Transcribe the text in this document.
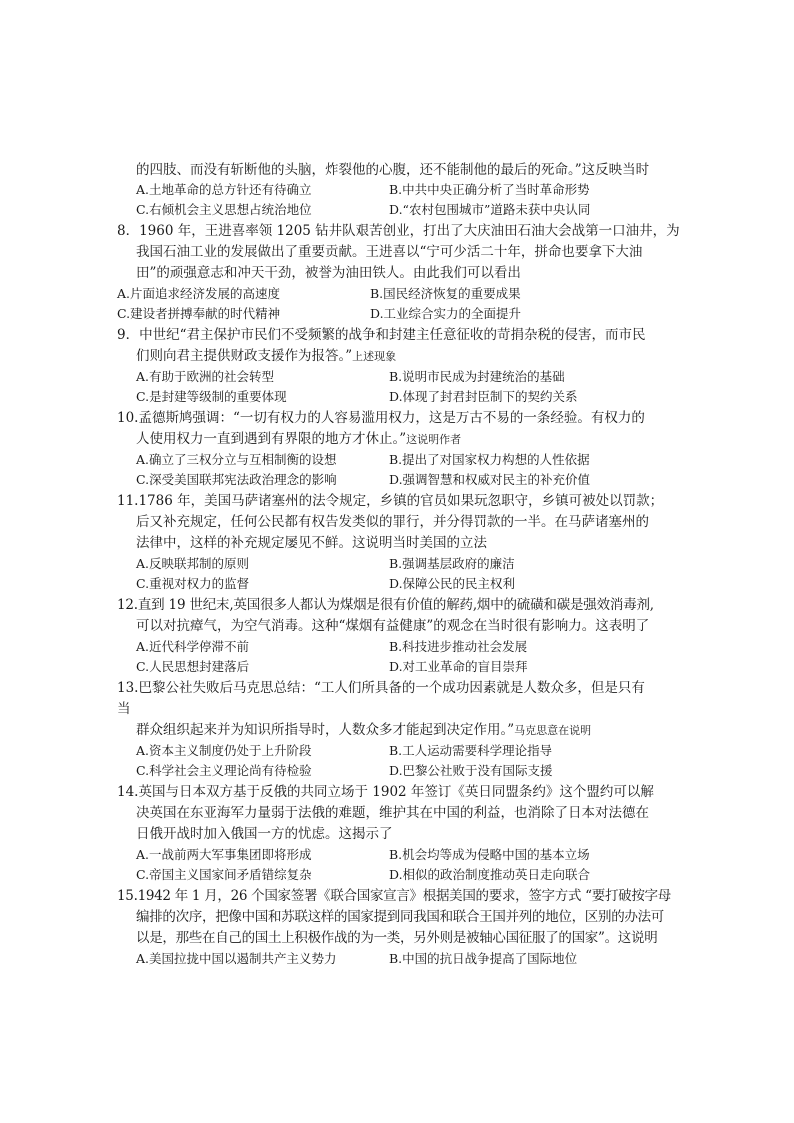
的四肢、而没有斩断他的头脑，炸裂他的心腹，还不能制他的最后的死命。”这反映当时
A.土地革命的总方针还有待确立	B.中共中央正确分析了当时革命形势
C.右倾机会主义思想占统治地位	D.“农村包围城市”道路未获中央认同
8．1960 年，王进喜率领 1205 钻井队艰苦创业，打出了大庆油田石油大会战第一口油井，为
我国石油工业的发展做出了重要贡献。王进喜以“宁可少活二十年，拼命也要拿下大油
田”的顽强意志和冲天干劲，被誉为油田铁人。由此我们可以看出
A.片面追求经济发展的高速度	B.国民经济恢复的重要成果
C.建设者拼搏奉献的时代精神	D.工业综合实力的全面提升
9．中世纪“君主保护市民们不受频繁的战争和封建主任意征收的苛捐杂税的侵害，而市民
们则向君主提供财政支援作为报答。”上述现象
A.有助于欧洲的社会转型	B.说明市民成为封建统治的基础
C.是封建等级制的重要体现	D.体现了封君封臣制下的契约关系
10.孟德斯鸠强调：“一切有权力的人容易滥用权力，这是万古不易的一条经验。有权力的
人使用权力一直到遇到有界限的地方才休止。”这说明作者
A.确立了三权分立与互相制衡的设想	B.提出了对国家权力构想的人性依据
C.深受美国联邦宪法政治理念的影响	D.强调智慧和权威对民主的补充价值
11.1786 年，美国马萨诸塞州的法令规定，乡镇的官员如果玩忽职守，乡镇可被处以罚款；
后又补充规定，任何公民都有权告发类似的罪行，并分得罚款的一半。在马萨诸塞州的
法律中，这样的补充规定屡见不鲜。这说明当时美国的立法
A.反映联邦制的原则	B.强调基层政府的廉洁
C.重视对权力的监督	D.保障公民的民主权利
12.直到 19 世纪末,英国很多人都认为煤烟是很有价值的解药,烟中的硫磺和碳是强效消毒剂,
可以对抗瘴气，为空气消毒。这种“煤烟有益健康”的观念在当时很有影响力。这表明了
A.近代科学停滞不前	B.科技进步推动社会发展
C.人民思想封建落后	D.对工业革命的盲目崇拜
13.巴黎公社失败后马克思总结：“工人们所具备的一个成功因素就是人数众多，但是只有
当
群众组织起来并为知识所指导时，人数众多才能起到决定作用。”马克思意在说明
A.资本主义制度仍处于上升阶段	B.工人运动需要科学理论指导
C.科学社会主义理论尚有待检验	D.巴黎公社败于没有国际支援
14.英国与日本双方基于反俄的共同立场于 1902 年签订《英日同盟条约》这个盟约可以解
决英国在东亚海军力量弱于法俄的难题，维护其在中国的利益，也消除了日本对法德在
日俄开战时加入俄国一方的忧虑。这揭示了
A.一战前两大军事集团即将形成	B.机会均等成为侵略中国的基本立场
C.帝国主义国家间矛盾错综复杂	D.相似的政治制度推动英日走向联合
15.1942 年 1 月，26 个国家签署《联合国家宣言》根据美国的要求，签字方式 “要打破按字母
编排的次序，把像中国和苏联这样的国家提到同我国和联合王国并列的地位，区别的办法可
以是，那些在自己的国土上积极作战的为一类，另外则是被轴心国征服了的国家”。这说明
A.美国拉拢中国以遏制共产主义势力	B.中国的抗日战争提高了国际地位
